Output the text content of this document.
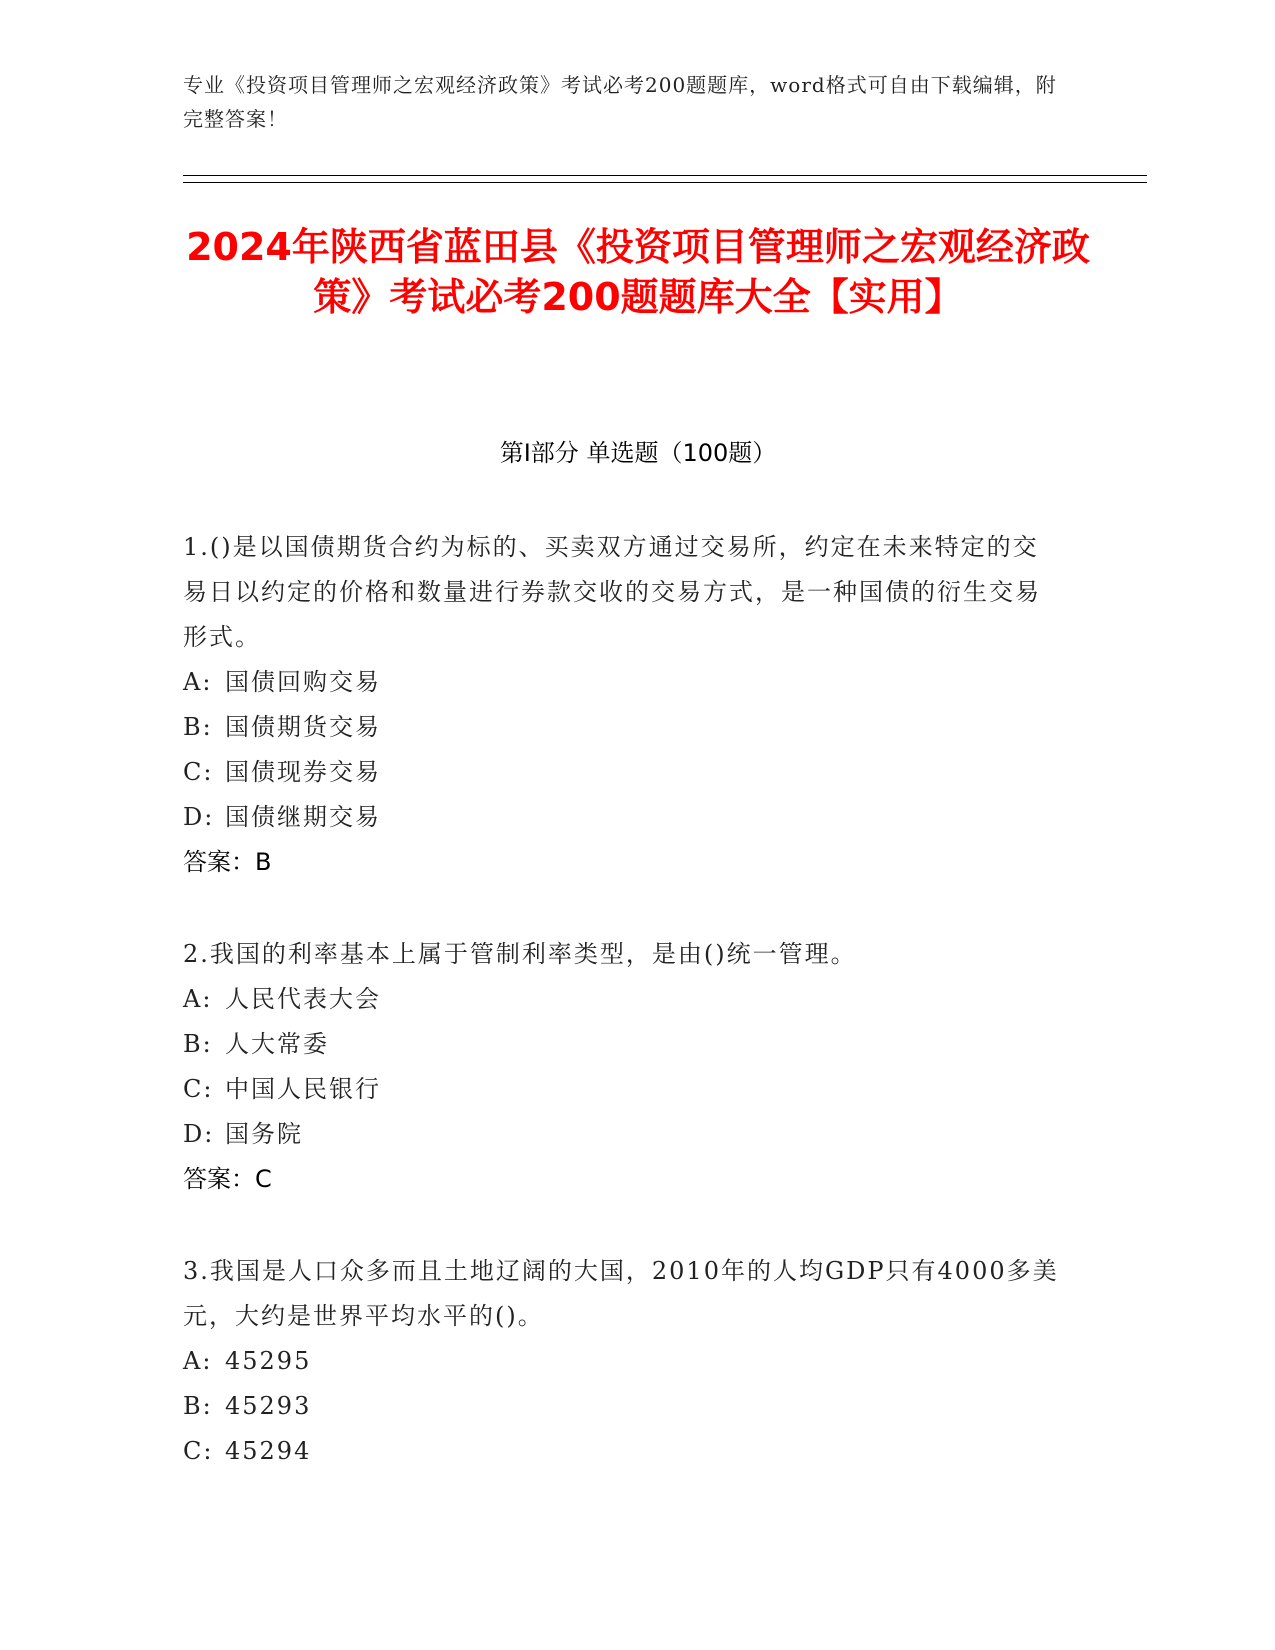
专业《投资项目管理师之宏观经济政策》考试必考200题题库，word格式可自由下载编辑，附完整答案！
2024年陕西省蓝田县《投资项目管理师之宏观经济政策》考试必考200题题库大全【实用】
第I部分 单选题（100题）

1.()是以国债期货合约为标的、买卖双方通过交易所，约定在未来特定的交易日以约定的价格和数量进行券款交收的交易方式，是一种国债的衍生交易形式。

A: 国债回购交易

B: 国债期货交易

C: 国债现券交易

D: 国债继期交易

答案：B

2.我国的利率基本上属于管制利率类型，是由()统一管理。

A: 人民代表大会

B: 人大常委

C: 中国人民银行

D: 国务院

答案：C

3.我国是人口众多而且土地辽阔的大国，2010年的人均GDP只有4000多美元，大约是世界平均水平的()。

A: 45295

B: 45293

C: 45294
